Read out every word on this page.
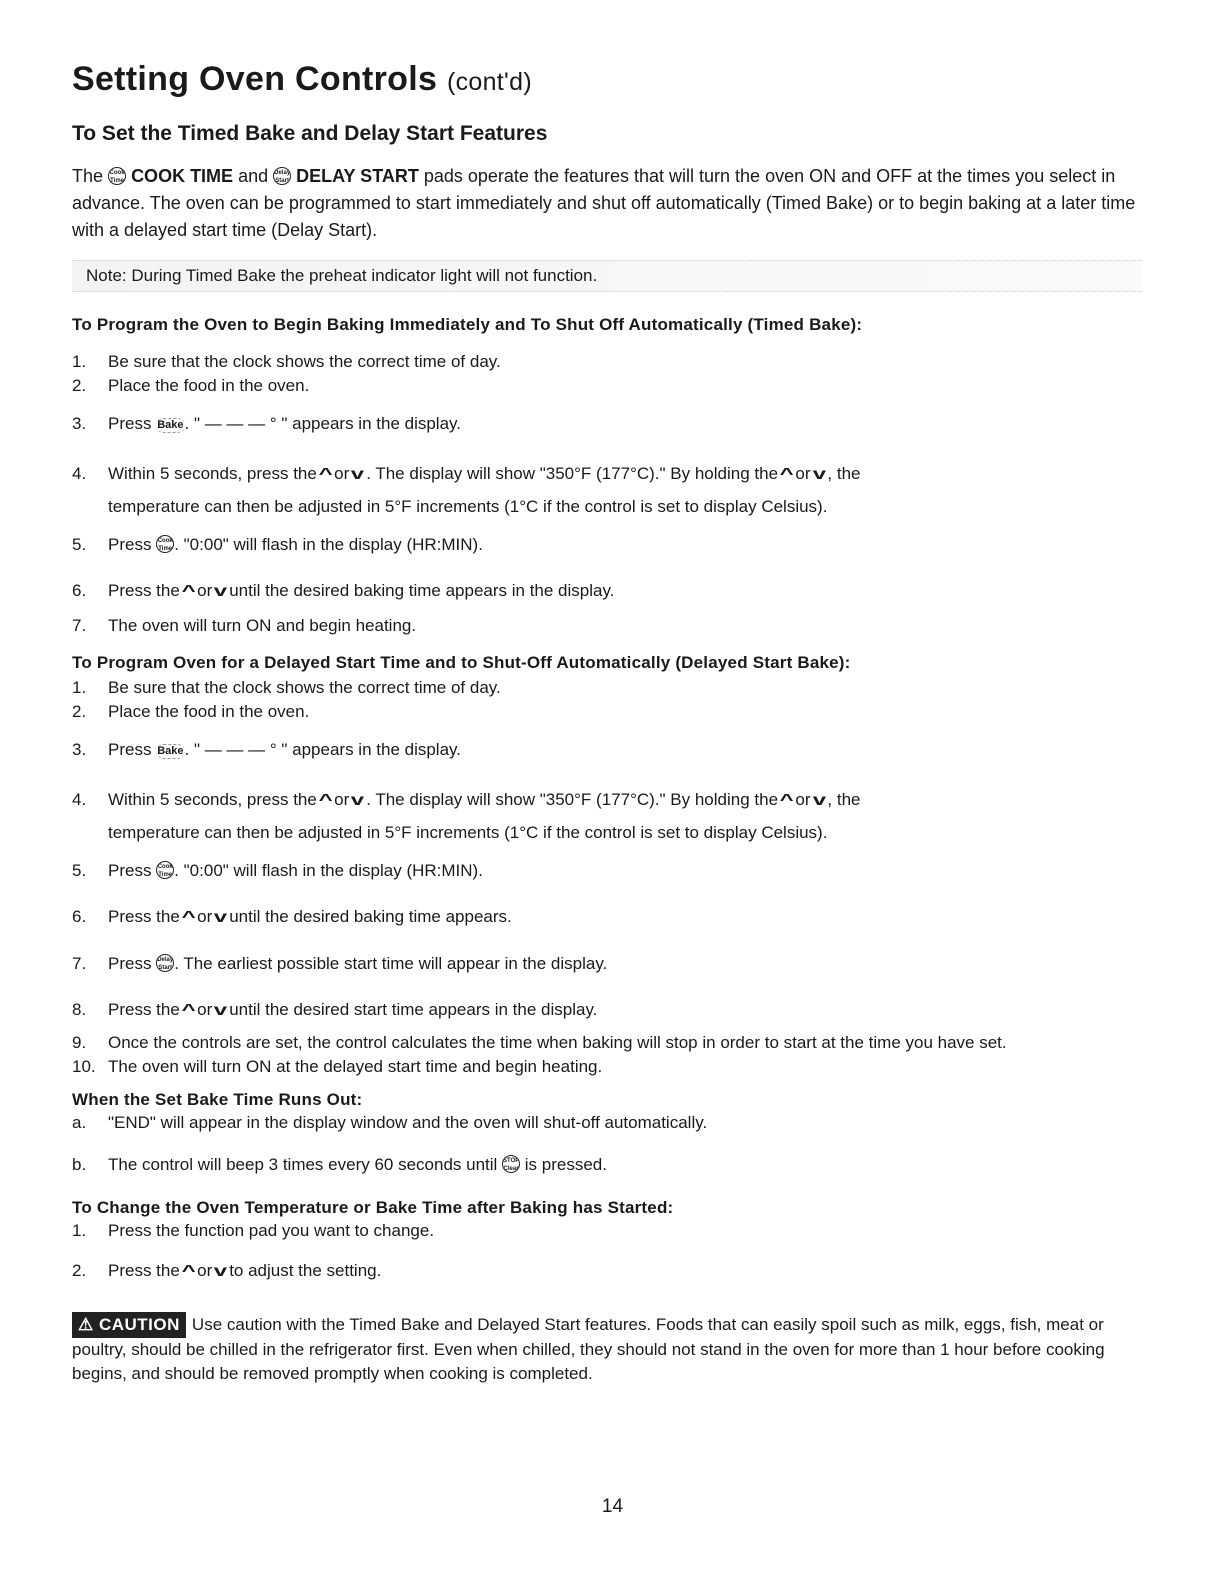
Setting Oven Controls (cont'd)
To Set the Timed Bake and Delay Start Features
The Cook Time COOK TIME and Delay Start DELAY START pads operate the features that will turn the oven ON and OFF at the times you select in advance. The oven can be programmed to start immediately and shut off automatically (Timed Bake) or to begin baking at a later time with a delayed start time (Delay Start).
Note: During Timed Bake the preheat indicator light will not function.
To Program the Oven to Begin Baking Immediately and To Shut Off Automatically (Timed Bake):
1. Be sure that the clock shows the correct time of day.
2. Place the food in the oven.
3. Press Bake. " — — — ° " appears in the display.
4. Within 5 seconds, press the ^or v . The display will show "350°F (177°C)." By holding the ^or v , the
temperature can then be adjusted in 5°F increments (1°C if the control is set to display Celsius).
5. Press Cook Time . "0:00" will flash in the display (HR:MIN).
6. Press the ^or v until the desired baking time appears in the display.
7. The oven will turn ON and begin heating.
To Program Oven for a Delayed Start Time and to Shut-Off Automatically (Delayed Start Bake):
1. Be sure that the clock shows the correct time of day.
2. Place the food in the oven.
3. Press Bake. " — — — ° " appears in the display.
4. Within 5 seconds, press the ^or v . The display will show "350°F (177°C)." By holding the ^or v , the
temperature can then be adjusted in 5°F increments (1°C if the control is set to display Celsius).
5. Press Cook Time . "0:00" will flash in the display (HR:MIN).
6. Press the ^or v until the desired baking time appears.
7. Press Delay Start . The earliest possible start time will appear in the display.
8. Press the ^or v until the desired start time appears in the display.
9. Once the controls are set, the control calculates the time when baking will stop in order to start at the time you have set.
10. The oven will turn ON at the delayed start time and begin heating.
When the Set Bake Time Runs Out:
a. "END" will appear in the display window and the oven will shut-off automatically.
b. The control will beep 3 times every 60 seconds until STOP Clear is pressed.
To Change the Oven Temperature or Bake Time after Baking has Started:
1. Press the function pad you want to change.
2. Press the ^or v to adjust the setting.

⚠ CAUTION Use caution with the Timed Bake and Delayed Start features. Foods that can easily spoil such as milk, eggs, fish, meat or poultry, should be chilled in the refrigerator first. Even when chilled, they should not stand in the oven for more than 1 hour before cooking begins, and should be removed promptly when cooking is completed.

14
